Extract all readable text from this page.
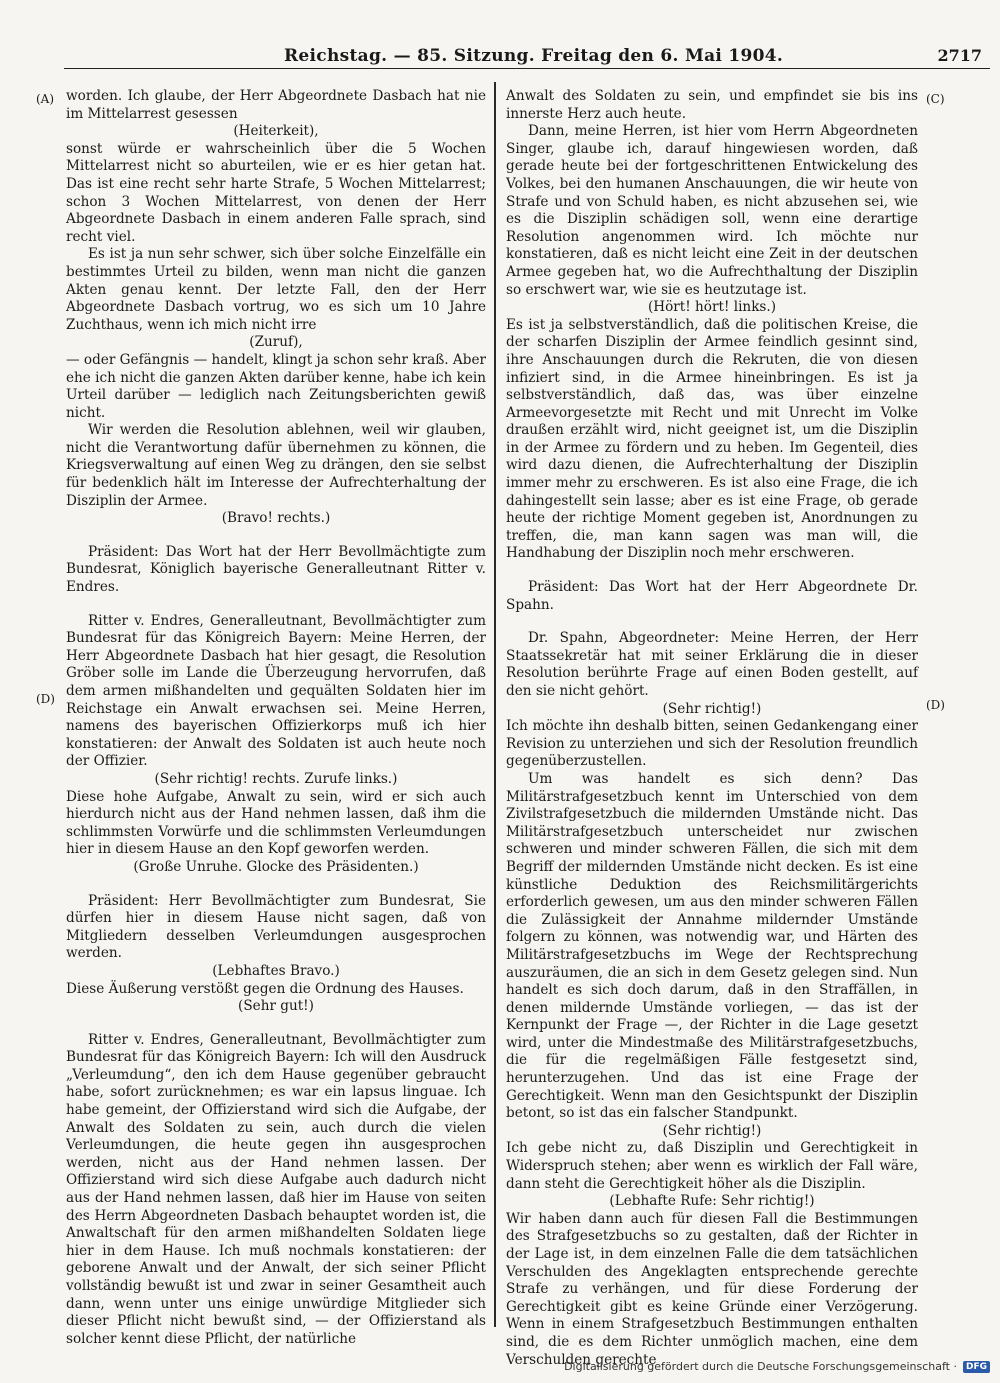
Reichstag. — 85. Sitzung. Freitag den 6. Mai 1904.	2717
(A)
(D)
(C)
(D)

worden. Ich glaube, der Herr Abgeordnete Dasbach hat nie im Mittelarrest gesessen

(Heiterkeit),

sonst würde er wahrscheinlich über die 5 Wochen Mittelarrest nicht so aburteilen, wie er es hier getan hat. Das ist eine recht sehr harte Strafe, 5 Wochen Mittelarrest; schon 3 Wochen Mittelarrest, von denen der Herr Abgeordnete Dasbach in einem anderen Falle sprach, sind recht viel.

Es ist ja nun sehr schwer, sich über solche Einzelfälle ein bestimmtes Urteil zu bilden, wenn man nicht die ganzen Akten genau kennt. Der letzte Fall, den der Herr Abgeordnete Dasbach vortrug, wo es sich um 10 Jahre Zuchthaus, wenn ich mich nicht irre

(Zuruf),

— oder Gefängnis — handelt, klingt ja schon sehr kraß. Aber ehe ich nicht die ganzen Akten darüber kenne, habe ich kein Urteil darüber — lediglich nach Zeitungsberichten gewiß nicht.

Wir werden die Resolution ablehnen, weil wir glauben, nicht die Verantwortung dafür übernehmen zu können, die Kriegsverwaltung auf einen Weg zu drängen, den sie selbst für bedenklich hält im Interesse der Aufrechterhaltung der Disziplin der Armee.

(Bravo! rechts.)

Präsident: Das Wort hat der Herr Bevollmächtigte zum Bundesrat, Königlich bayerische Generalleutnant Ritter v. Endres.

Ritter v. Endres, Generalleutnant, Bevollmächtigter zum Bundesrat für das Königreich Bayern: Meine Herren, der Herr Abgeordnete Dasbach hat hier gesagt, die Resolution Gröber solle im Lande die Überzeugung hervorrufen, daß dem armen mißhandelten und gequälten Soldaten hier im Reichstage ein Anwalt erwachsen sei. Meine Herren, namens des bayerischen Offizierkorps muß ich hier konstatieren: der Anwalt des Soldaten ist auch heute noch der Offizier.

(Sehr richtig! rechts. Zurufe links.)

Diese hohe Aufgabe, Anwalt zu sein, wird er sich auch hierdurch nicht aus der Hand nehmen lassen, daß ihm die schlimmsten Vorwürfe und die schlimmsten Verleumdungen hier in diesem Hause an den Kopf geworfen werden.

(Große Unruhe. Glocke des Präsidenten.)

Präsident: Herr Bevollmächtigter zum Bundesrat, Sie dürfen hier in diesem Hause nicht sagen, daß von Mitgliedern desselben Verleumdungen ausgesprochen werden.

(Lebhaftes Bravo.)

Diese Äußerung verstößt gegen die Ordnung des Hauses.

(Sehr gut!)

Ritter v. Endres, Generalleutnant, Bevollmächtigter zum Bundesrat für das Königreich Bayern: Ich will den Ausdruck „Verleumdung“, den ich dem Hause gegenüber gebraucht habe, sofort zurücknehmen; es war ein lapsus linguae. Ich habe gemeint, der Offizierstand wird sich die Aufgabe, der Anwalt des Soldaten zu sein, auch durch die vielen Verleumdungen, die heute gegen ihn ausgesprochen werden, nicht aus der Hand nehmen lassen. Der Offizierstand wird sich diese Aufgabe auch dadurch nicht aus der Hand nehmen lassen, daß hier im Hause von seiten des Herrn Abgeordneten Dasbach behauptet worden ist, die Anwaltschaft für den armen mißhandelten Soldaten liege hier in dem Hause. Ich muß nochmals konstatieren: der geborene Anwalt und der Anwalt, der sich seiner Pflicht vollständig bewußt ist und zwar in seiner Gesamtheit auch dann, wenn unter uns einige unwürdige Mitglieder sich dieser Pflicht nicht bewußt sind, — der Offizierstand als solcher kennt diese Pflicht, der natürliche

Anwalt des Soldaten zu sein, und empfindet sie bis ins innerste Herz auch heute.

Dann, meine Herren, ist hier vom Herrn Abgeordneten Singer, glaube ich, darauf hingewiesen worden, daß gerade heute bei der fortgeschrittenen Entwickelung des Volkes, bei den humanen Anschauungen, die wir heute von Strafe und von Schuld haben, es nicht abzusehen sei, wie es die Disziplin schädigen soll, wenn eine derartige Resolution angenommen wird. Ich möchte nur konstatieren, daß es nicht leicht eine Zeit in der deutschen Armee gegeben hat, wo die Aufrechthaltung der Disziplin so erschwert war, wie sie es heutzutage ist.

(Hört! hört! links.)

Es ist ja selbstverständlich, daß die politischen Kreise, die der scharfen Disziplin der Armee feindlich gesinnt sind, ihre Anschauungen durch die Rekruten, die von diesen infiziert sind, in die Armee hineinbringen. Es ist ja selbstverständlich, daß das, was über einzelne Armeevorgesetzte mit Recht und mit Unrecht im Volke draußen erzählt wird, nicht geeignet ist, um die Disziplin in der Armee zu fördern und zu heben. Im Gegenteil, dies wird dazu dienen, die Aufrechterhaltung der Disziplin immer mehr zu erschweren. Es ist also eine Frage, die ich dahingestellt sein lasse; aber es ist eine Frage, ob gerade heute der richtige Moment gegeben ist, Anordnungen zu treffen, die, man kann sagen was man will, die Handhabung der Disziplin noch mehr erschweren.

Präsident: Das Wort hat der Herr Abgeordnete Dr. Spahn.

Dr. Spahn, Abgeordneter: Meine Herren, der Herr Staatssekretär hat mit seiner Erklärung die in dieser Resolution berührte Frage auf einen Boden gestellt, auf den sie nicht gehört.

(Sehr richtig!)

Ich möchte ihn deshalb bitten, seinen Gedankengang einer Revision zu unterziehen und sich der Resolution freundlich gegenüberzustellen.

Um was handelt es sich denn? Das Militärstrafgesetzbuch kennt im Unterschied von dem Zivilstrafgesetzbuch die mildernden Umstände nicht. Das Militärstrafgesetzbuch unterscheidet nur zwischen schweren und minder schweren Fällen, die sich mit dem Begriff der mildernden Umstände nicht decken. Es ist eine künstliche Deduktion des Reichsmilitärgerichts erforderlich gewesen, um aus den minder schweren Fällen die Zulässigkeit der Annahme mildernder Umstände folgern zu können, was notwendig war, und Härten des Militärstrafgesetzbuchs im Wege der Rechtsprechung auszuräumen, die an sich in dem Gesetz gelegen sind. Nun handelt es sich doch darum, daß in den Straffällen, in denen mildernde Umstände vorliegen, — das ist der Kernpunkt der Frage —, der Richter in die Lage gesetzt wird, unter die Mindestmaße des Militärstrafgesetzbuchs, die für die regelmäßigen Fälle festgesetzt sind, herunterzugehen. Und das ist eine Frage der Gerechtigkeit. Wenn man den Gesichtspunkt der Disziplin betont, so ist das ein falscher Standpunkt.

(Sehr richtig!)

Ich gebe nicht zu, daß Disziplin und Gerechtigkeit in Widerspruch stehen; aber wenn es wirklich der Fall wäre, dann steht die Gerechtigkeit höher als die Disziplin.

(Lebhafte Rufe: Sehr richtig!)

Wir haben dann auch für diesen Fall die Bestimmungen des Strafgesetzbuchs so zu gestalten, daß der Richter in der Lage ist, in dem einzelnen Falle die dem tatsächlichen Verschulden des Angeklagten entsprechende gerechte Strafe zu verhängen, und für diese Forderung der Gerechtigkeit gibt es keine Gründe einer Verzögerung. Wenn in einem Strafgesetzbuch Bestimmungen enthalten sind, die es dem Richter unmöglich machen, eine dem Verschulden gerechte

Digitalisierung gefördert durch die Deutsche Forschungsgemeinschaft ·	DFG
